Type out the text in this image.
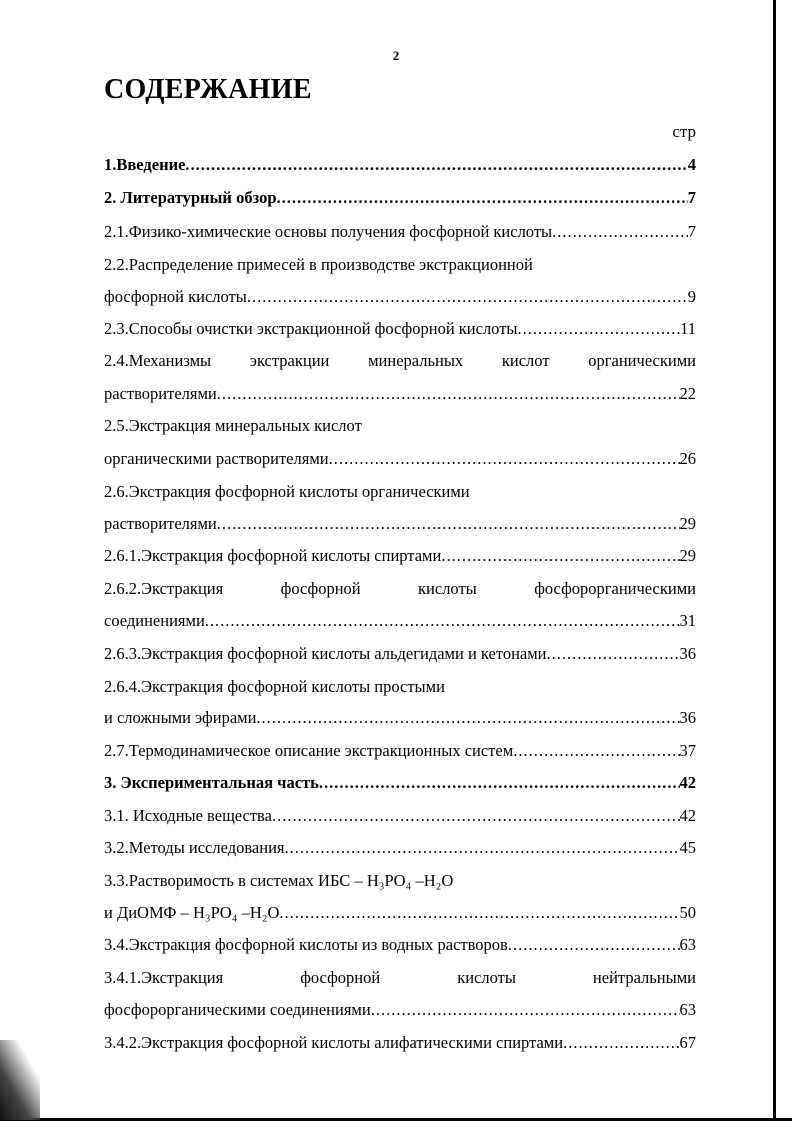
2
СОДЕРЖАНИЕ
стр
1.Введение .....	4
2. Литературный обзор .....	7
2.1.Физико-химические основы получения фосфорной кислоты .....	7
2.2.Распределение примесей в производстве экстракционной
фосфорной кислоты .....	9
2.3.Способы очистки экстракционной фосфорной кислоты .....	11
2.4.Механизмы экстракции минеральных кислот органическими
растворителями .....	22
2.5.Экстракция минеральных кислот
органическими растворителями .....	26
2.6.Экстракция фосфорной кислоты органическими
растворителями .....	29
2.6.1.Экстракция фосфорной кислоты спиртами .....	29
2.6.2.Экстракция	фосфорной	кислоты	фосфорорганическими
соединениями .....	31
2.6.3.Экстракция фосфорной кислоты альдегидами и кетонами .....	36
2.6.4.Экстракция фосфорной кислоты простыми
и сложными эфирами .....	36
2.7.Термодинамическое описание экстракционных систем .....	37
3. Экспериментальная часть .....	42
3.1. Исходные вещества .....	42
3.2.Методы исследования .....	45
3.3.Растворимость в системах ИБС – H₃PO₄ –H₂O
и ДиОМФ – H₃PO₄ –H₂O .....	50
3.4.Экстракция фосфорной кислоты из водных растворов .....	63
3.4.1.Экстракция	фосфорной	кислоты	нейтральными
фосфорорганическими соединениями .....	63
3.4.2.Экстракция фосфорной кислоты алифатическими спиртами .....	67
